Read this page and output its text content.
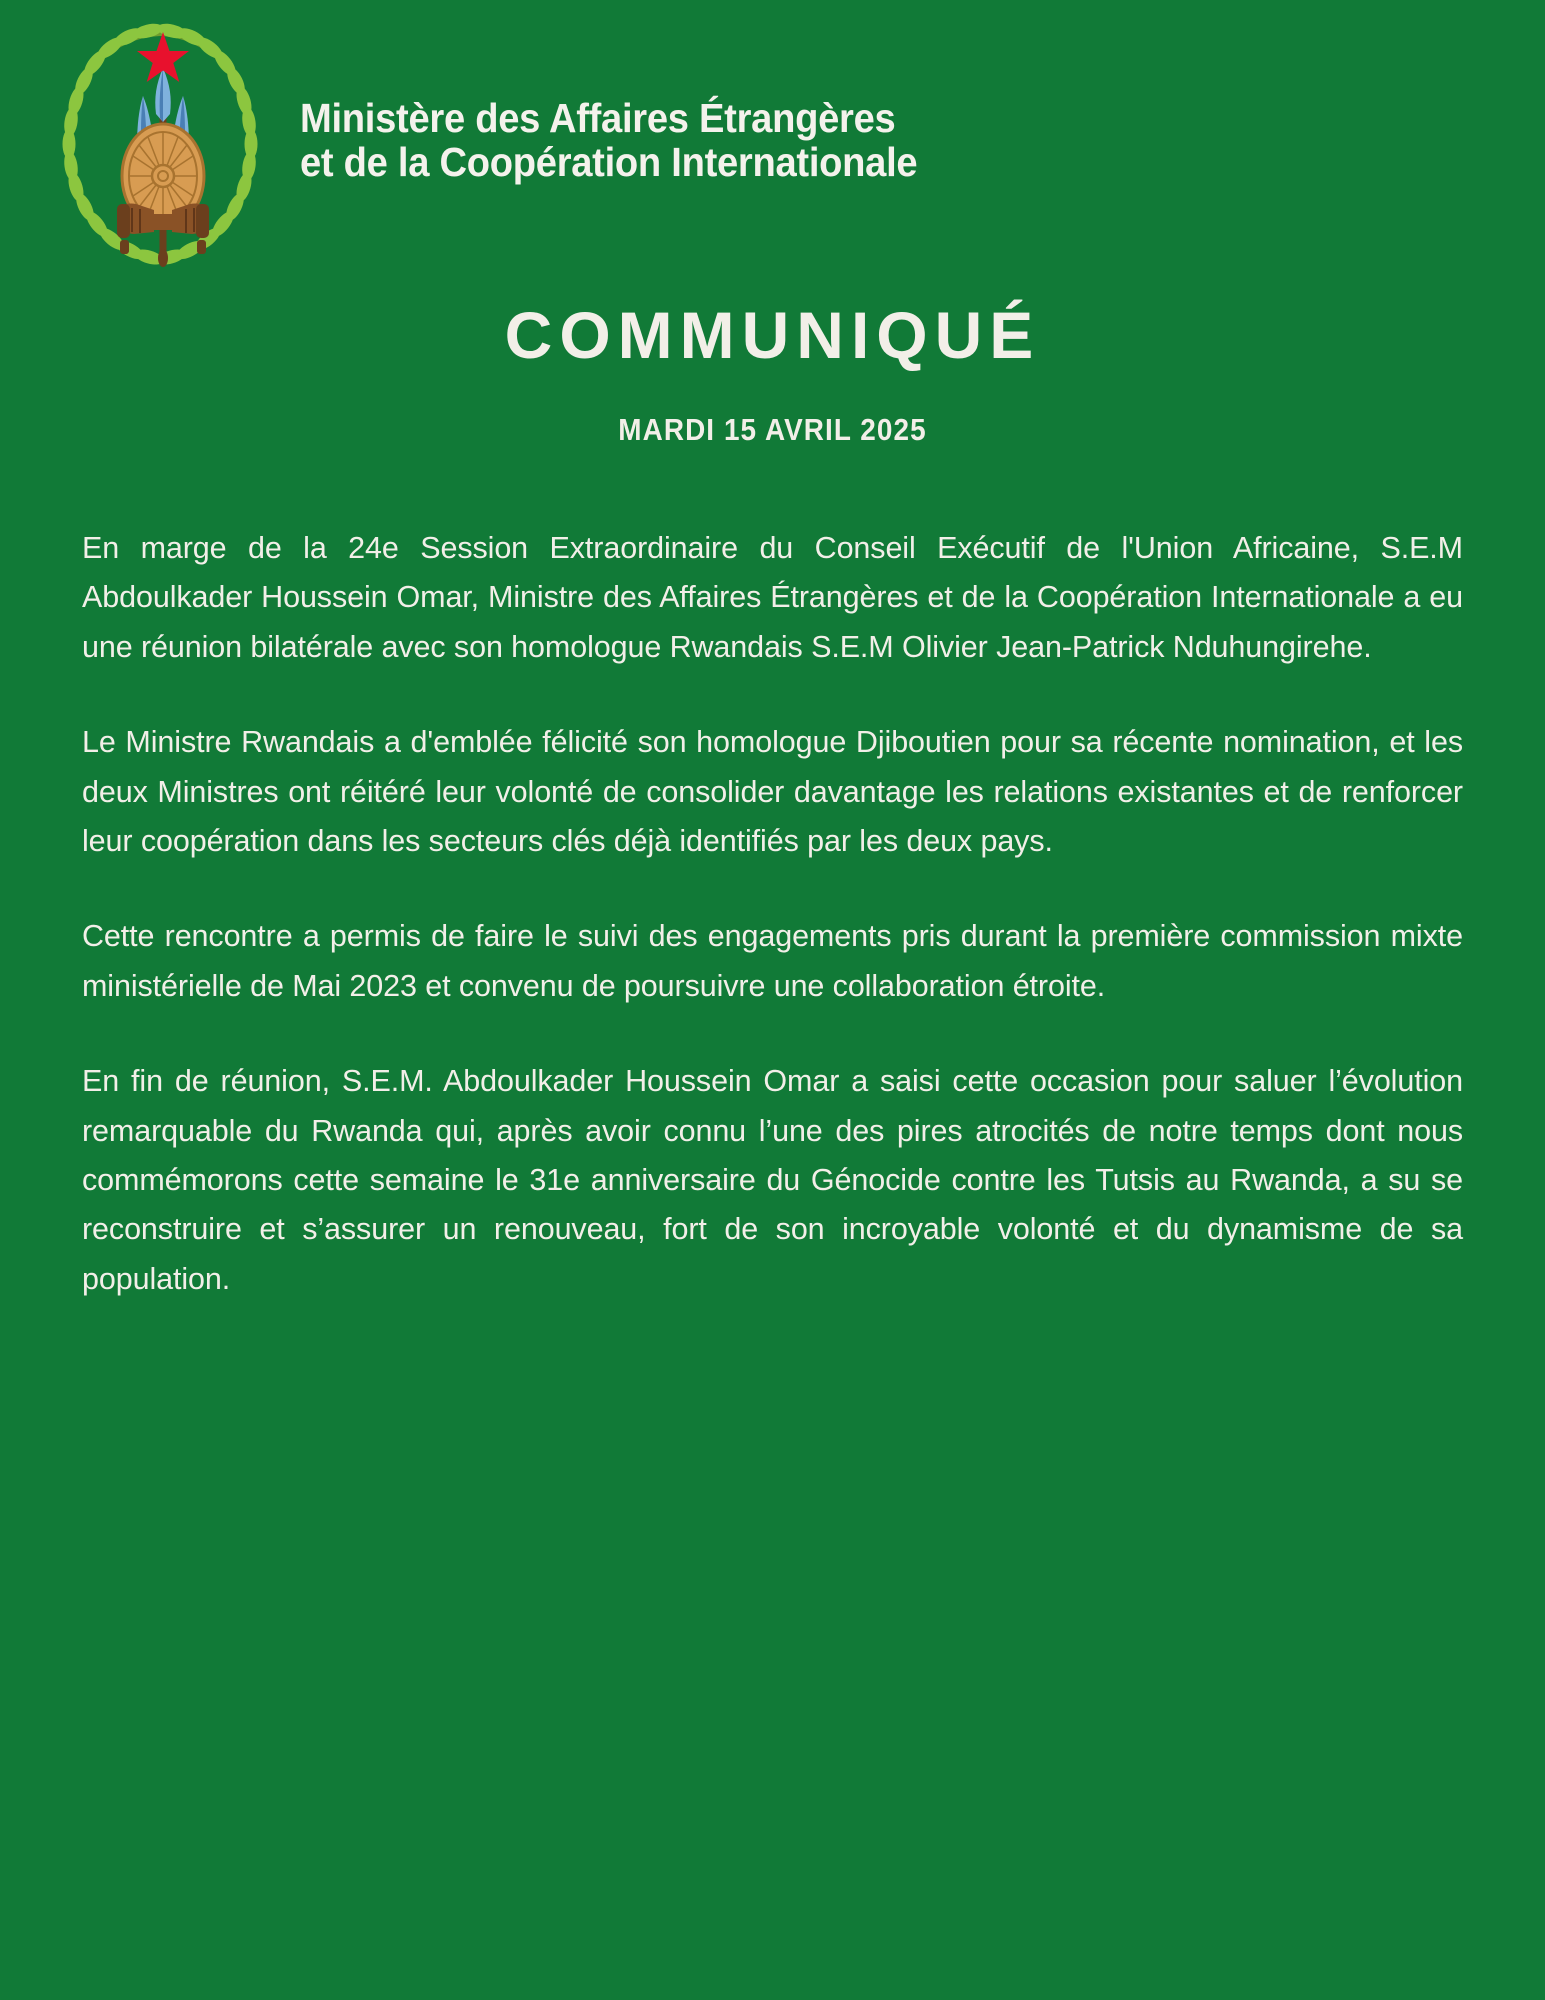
Ministère des Affaires Étrangères
et de la Coopération Internationale
COMMUNIQUÉ
MARDI 15 AVRIL 2025

En marge de la 24e Session Extraordinaire du Conseil Exécutif de l'Union Africaine, S.E.M Abdoulkader Houssein Omar, Ministre des Affaires Étrangères et de la Coopération Internationale a eu une réunion bilatérale avec son homologue Rwandais S.E.M Olivier Jean-Patrick Nduhungirehe.

Le Ministre Rwandais a d'emblée félicité son homologue Djiboutien pour sa récente nomination, et les deux Ministres ont réitéré leur volonté de consolider davantage les relations existantes et de renforcer leur coopération dans les secteurs clés déjà identifiés par les deux pays.

Cette rencontre a permis de faire le suivi des engagements pris durant la première commission mixte ministérielle de Mai 2023 et convenu de poursuivre une collaboration étroite.

En fin de réunion, S.E.M. Abdoulkader Houssein Omar a saisi cette occasion pour saluer l’évolution remarquable du Rwanda qui, après avoir connu l’une des pires atrocités de notre temps dont nous commémorons cette semaine le 31e anniversaire du Génocide contre les Tutsis au Rwanda, a su se reconstruire et s’assurer un renouveau, fort de son incroyable volonté et du dynamisme de sa population.
